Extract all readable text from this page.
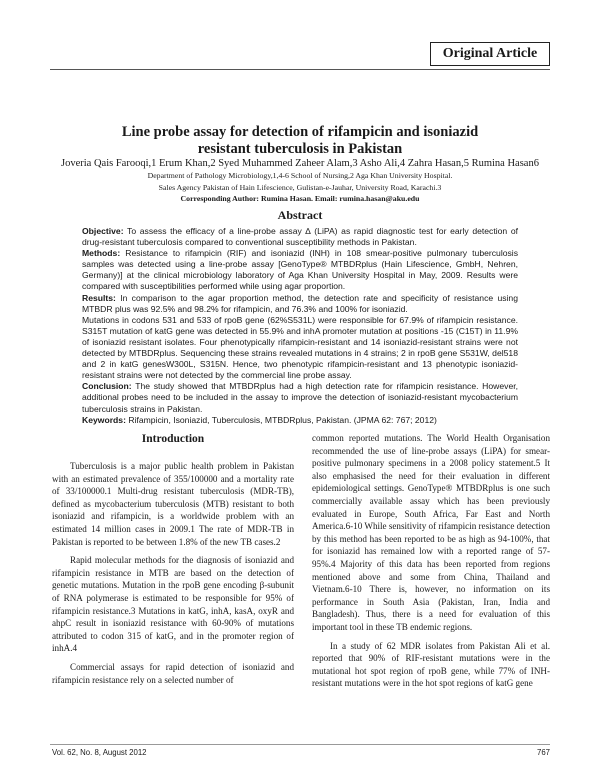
Original Article
Line probe assay for detection of rifampicin and isoniazid
resistant tuberculosis in Pakistan
Joveria Qais Farooqi,1 Erum Khan,2 Syed Muhammed Zaheer Alam,3 Asho Ali,4 Zahra Hasan,5 Rumina Hasan6
Department of Pathology Microbiology,1,4-6 School of Nursing,2 Aga Khan University Hospital.
Sales Agency Pakistan of Hain Lifescience, Gulistan-e-Jauhar, University Road, Karachi.3
Corresponding Author: Rumina Hasan. Email: rumina.hasan@aku.edu
Abstract

Objective: To assess the efficacy of a line-probe assay ∆ (LiPA) as rapid diagnostic test for early detection of drug-resistant tuberculosis compared to conventional susceptibility methods in Pakistan.

Methods: Resistance to rifampicin (RIF) and isoniazid (INH) in 108 smear-positive pulmonary tuberculosis samples was detected using a line-probe assay [GenoType® MTBDRplus (Hain Lifescience, GmbH, Nehren, Germany)] at the clinical microbiology laboratory of Aga Khan University Hospital in May, 2009. Results were compared with susceptibilities performed while using agar proportion.

Results: In comparison to the agar proportion method, the detection rate and specificity of resistance using MTBDR plus was 92.5% and 98.2% for rifampicin, and 76.3% and 100% for isoniazid.

Mutations in codons 531 and 533 of rpoB gene (62%S531L) were responsible for 67.9% of rifampicin resistance. S315T mutation of katG gene was detected in 55.9% and inhA promoter mutation at positions -15 (C15T) in 11.9% of isoniazid resistant isolates. Four phenotypically rifampicin-resistant and 14 isoniazid-resistant strains were not detected by MTBDRplus. Sequencing these strains revealed mutations in 4 strains; 2 in rpoB gene S531W, del518 and 2 in katG genesW300L, S315N. Hence, two phenotypic rifampicin-resistant and 13 phenotypic isoniazid-resistant strains were not detected by the commercial line probe assay.

Conclusion: The study showed that MTBDRplus had a high detection rate for rifampicin resistance. However, additional probes need to be included in the assay to improve the detection of isoniazid-resistant mycobacterium tuberculosis strains in Pakistan.

Keywords: Rifampicin, Isoniazid, Tuberculosis, MTBDRplus, Pakistan. (JPMA 62: 767; 2012)

Introduction

Tuberculosis is a major public health problem in Pakistan with an estimated prevalence of 355/100000 and a mortality rate of 33/100000.1 Multi-drug resistant tuberculosis (MDR-TB), defined as mycobacterium tuberculosis (MTB) resistant to both isoniazid and rifampicin, is a worldwide problem with an estimated 14 million cases in 2009.1 The rate of MDR-TB in Pakistan is reported to be between 1.8% of the new TB cases.2

Rapid molecular methods for the diagnosis of isoniazid and rifampicin resistance in MTB are based on the detection of genetic mutations. Mutation in the rpoB gene encoding β-subunit of RNA polymerase is estimated to be responsible for 95% of rifampicin resistance.3 Mutations in katG, inhA, kasA, oxyR and ahpC result in isoniazid resistance with 60-90% of mutations attributed to codon 315 of katG, and in the promoter region of inhA.4

Commercial assays for rapid detection of isoniazid and rifampicin resistance rely on a selected number of

common reported mutations. The World Health Organisation recommended the use of line-probe assays (LiPA) for smear-positive pulmonary specimens in a 2008 policy statement.5 It also emphasised the need for their evaluation in different epidemiological settings. GenoType® MTBDRplus is one such commercially available assay which has been previously evaluated in Europe, South Africa, Far East and North America.6-10 While sensitivity of rifampicin resistance detection by this method has been reported to be as high as 94-100%, that for isoniazid has remained low with a reported range of 57-95%.4 Majority of this data has been reported from regions mentioned above and some from China, Thailand and Vietnam.6-10 There is, however, no information on its performance in South Asia (Pakistan, Iran, India and Bangladesh). Thus, there is a need for evaluation of this important tool in these TB endemic regions.

In a study of 62 MDR isolates from Pakistan Ali et al. reported that 90% of RIF-resistant mutations were in the mutational hot spot region of rpoB gene, while 77% of INH-resistant mutations were in the hot spot regions of katG gene

Vol. 62, No. 8, August 2012	767
